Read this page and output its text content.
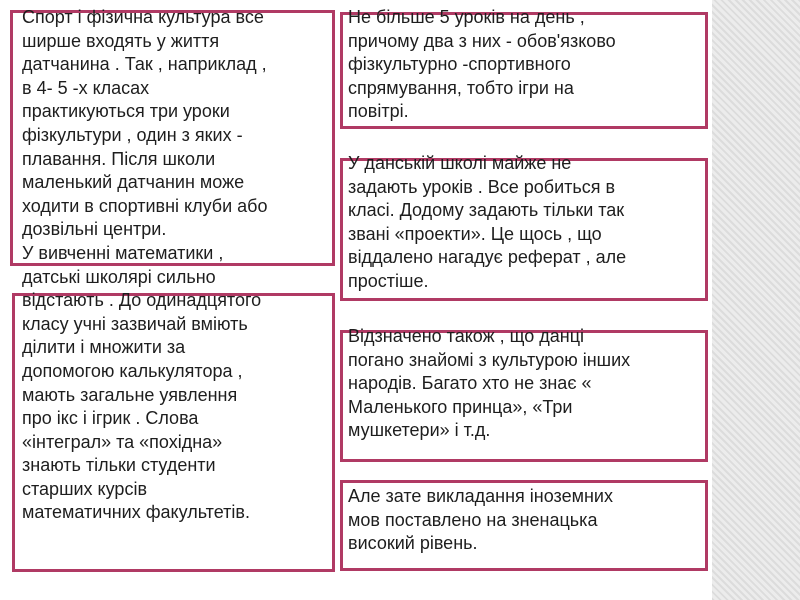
Спорт і фізична культура все
ширше входять у життя
датчанина . Так , наприклад ,
в 4- 5 -х класах
практикуються три уроки
фізкультури , один з яких -
плавання. Після школи
маленький датчанин може
ходити в спортивні клуби або
дозвільні центри.
У вивченні математики ,
датські школярі сильно
відстають . До одинадцятого
класу учні зазвичай вміють
ділити і множити за
допомогою калькулятора ,
мають загальне уявлення
про ікс і ігрик . Слова
«інтеграл» та «похідна»
знають тільки студенти
старших курсів
математичних факультетів.

Не більше 5 уроків на день ,
причому два з них - обов'язково
фізкультурно -спортивного
спрямування, тобто ігри на
повітрі.

У данській школі майже не
задають уроків . Все робиться в
класі. Додому задають тільки так
звані «проекти». Це щось , що
віддалено нагадує реферат , але
простіше.

Відзначено також , що данці
погано знайомі з культурою інших
народів. Багато хто не знає «
Маленького принца», «Три
мушкетери» і т.д.

Але зате викладання іноземних
мов поставлено на зненацька
високий рівень.
